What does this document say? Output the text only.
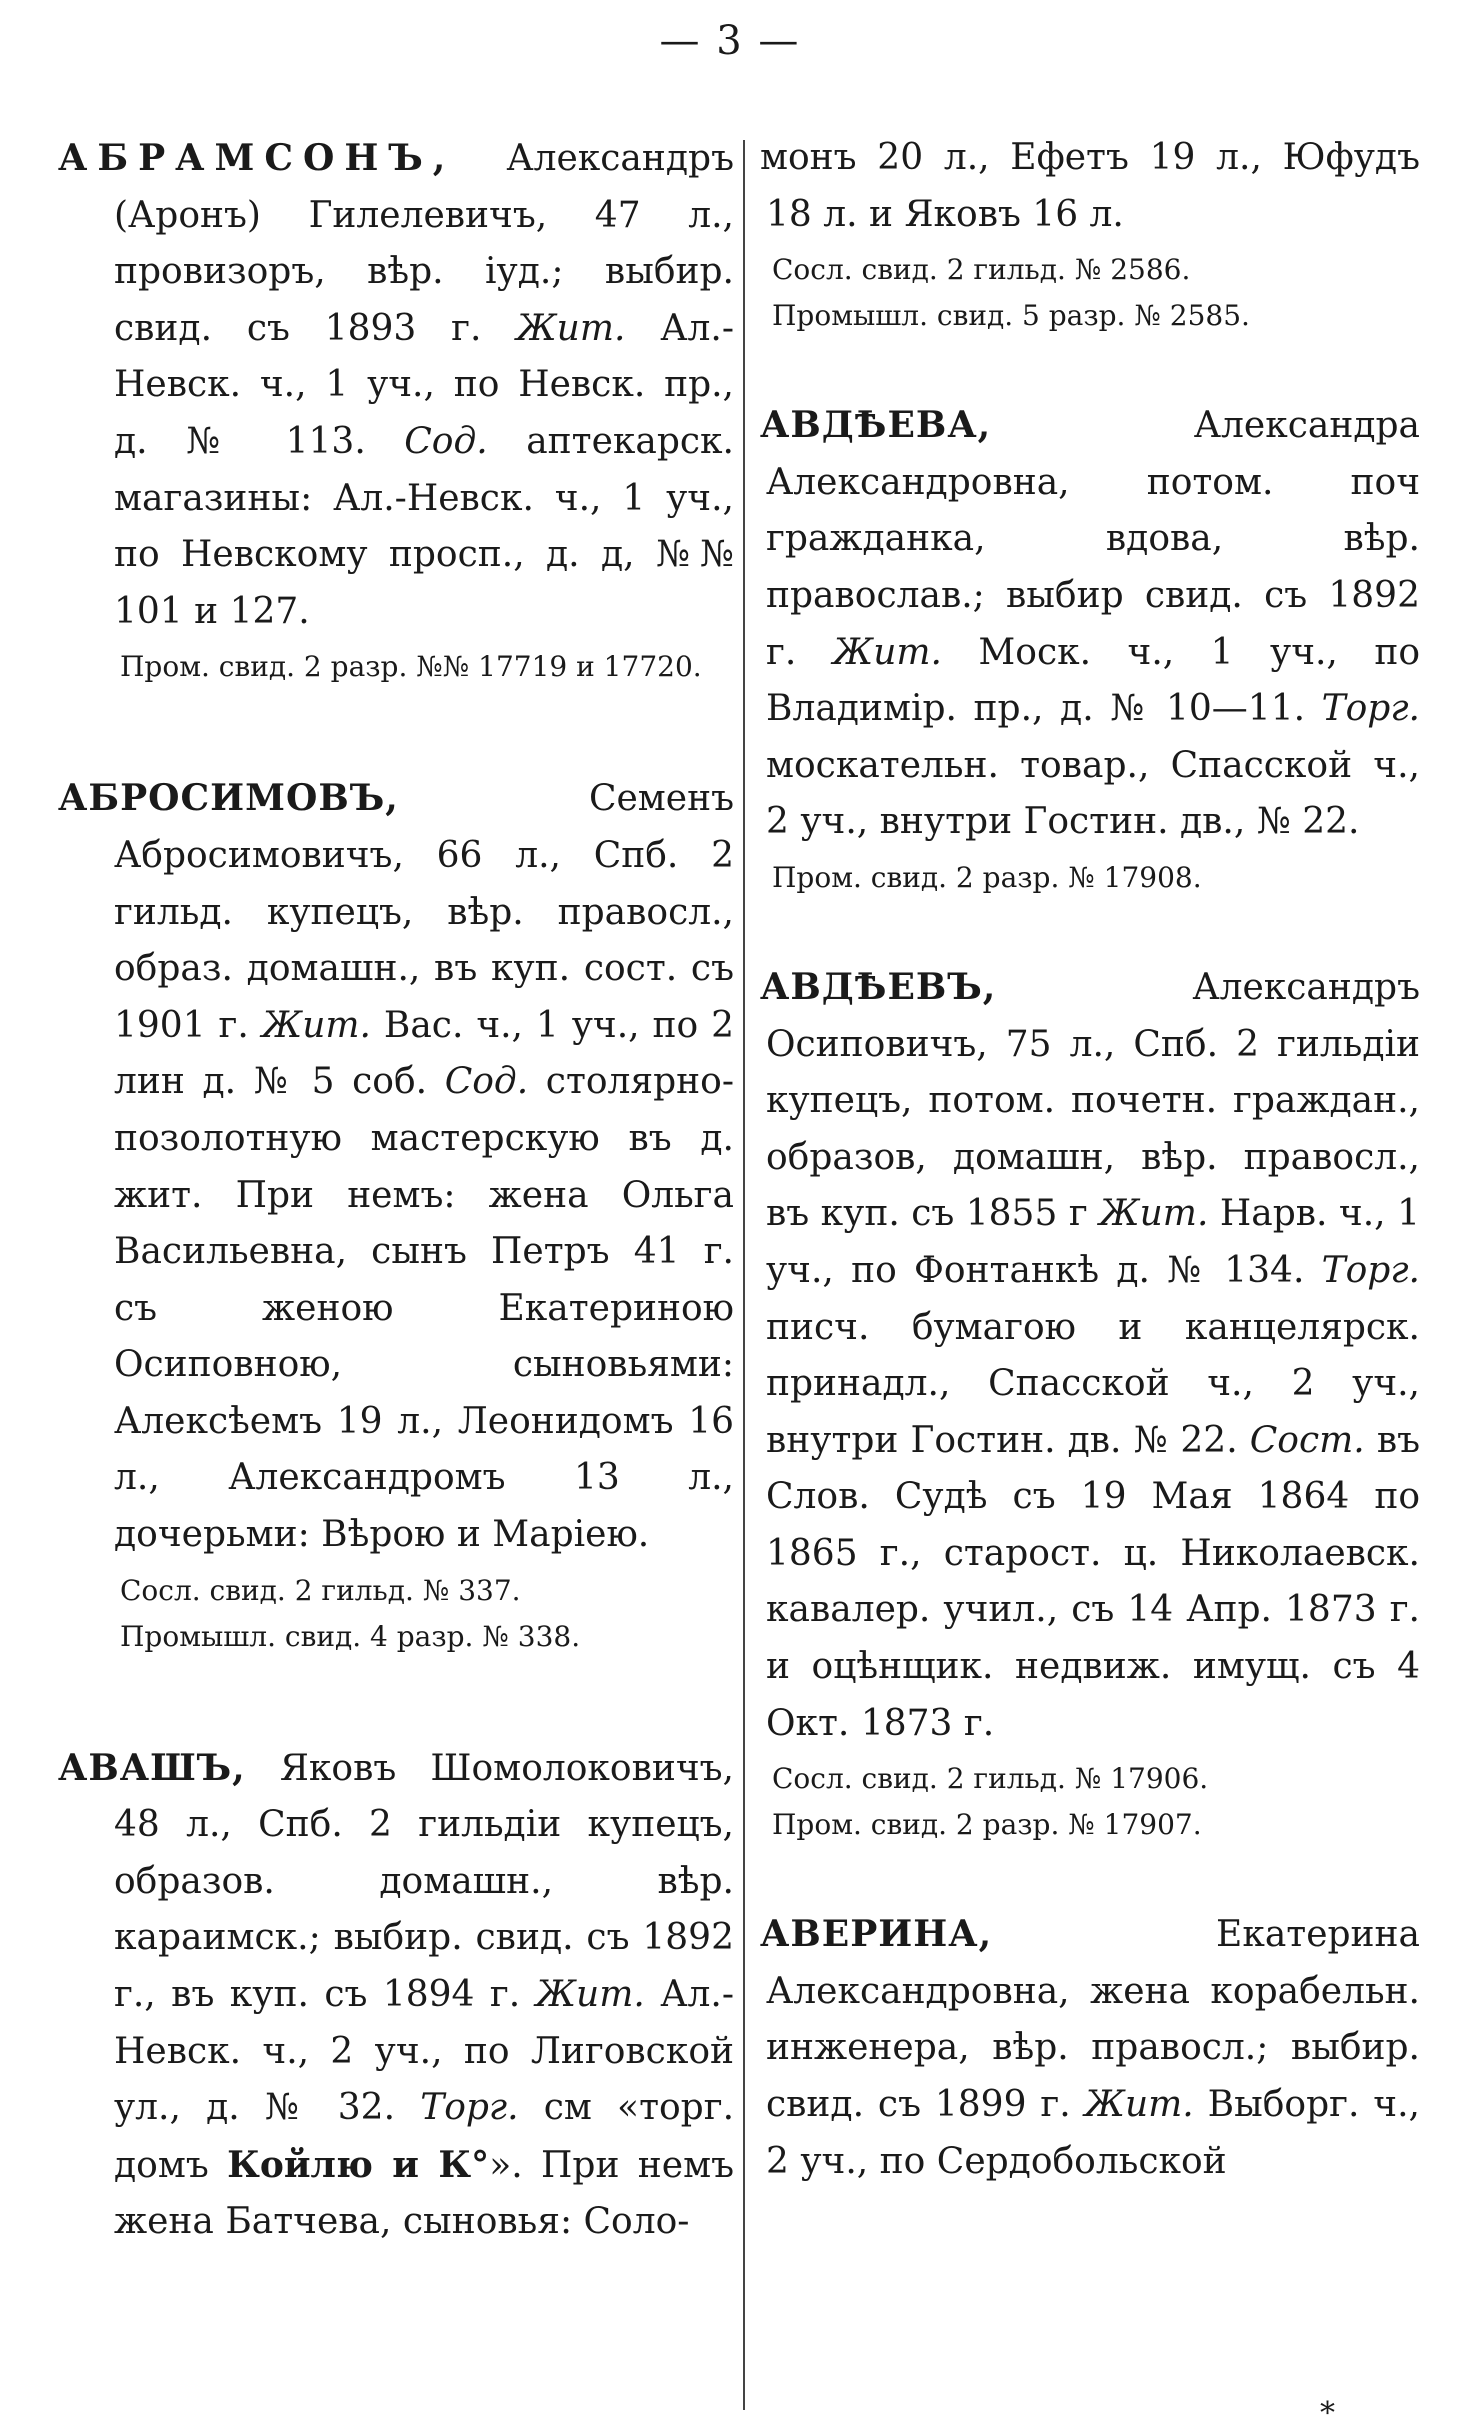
— 3 —

АБРАМСОНЪ, Александръ (Аронъ) Гилелевичъ, 47 л., провизоръ, вѣр. іуд.; выбир. свид. съ 1893 г. Жит. Ал.-Невск. ч., 1 уч., по Невск. пр., д. № 113. Сод. аптекарск. магазины: Ал.-Невск. ч., 1 уч., по Невскому просп., д. д, №№ 101 и 127.

Пром. свид. 2 разр. №№ 17719 и 17720.

АБРОСИМОВЪ, Семенъ Абросимовичъ, 66 л., Спб. 2 гильд. купецъ, вѣр. правосл., образ. домашн., въ куп. сост. съ 1901 г. Жит. Вас. ч., 1 уч., по 2 лин д. № 5 соб. Сод. столярно-позолотную мастерскую въ д. жит. При немъ: жена Ольга Васильевна, сынъ Петръ 41 г. съ женою Екатериною Осиповною, сыновьями: Алексѣемъ 19 л., Леонидомъ 16 л., Александромъ 13 л., дочерьми: Вѣрою и Маріею.

Сосл. свид. 2 гильд. № 337.
Промышл. свид. 4 разр. № 338.

АВАШЪ, Яковъ Шомолоковичъ, 48 л., Спб. 2 гильдіи купецъ, образов. домашн., вѣр. караимск.; выбир. свид. съ 1892 г., въ куп. съ 1894 г. Жит. Ал.-Невск. ч., 2 уч., по Лиговской ул., д. № 32. Торг. см «торг. домъ Койлю и К°». При немъ жена Батчева, сыновья: Соло-

монъ 20 л., Ефетъ 19 л., Юфудъ 18 л. и Яковъ 16 л.

Сосл. свид. 2 гильд. № 2586.
Промышл. свид. 5 разр. № 2585.

АВДѢЕВА, Александра Александровна, потом. поч гражданка, вдова, вѣр. православ.; выбир свид. съ 1892 г. Жит. Моск. ч., 1 уч., по Владимір. пр., д. № 10—11. Торг. москательн. товар., Спасской ч., 2 уч., внутри Гостин. дв., № 22.

Пром. свид. 2 разр. № 17908.

АВДѢЕВЪ, Александръ Осиповичъ, 75 л., Спб. 2 гильдіи купецъ, потом. почетн. граждан., образов, домашн, вѣр. правосл., въ куп. съ 1855 г Жит. Нарв. ч., 1 уч., по Фонтанкѣ д. № 134. Торг. писч. бумагою и канцелярск. принадл., Спасской ч., 2 уч., внутри Гостин. дв. № 22. Сост. въ Слов. Судѣ съ 19 Мая 1864 по 1865 г., старост. ц. Николаевск. кавалер. учил., съ 14 Апр. 1873 г. и оцѣнщик. недвиж. имущ. съ 4 Окт. 1873 г.

Сосл. свид. 2 гильд. № 17906.
Пром. свид. 2 разр. № 17907.

АВЕРИНА, Екатерина Александровна, жена корабельн. инженера, вѣр. правосл.; выбир. свид. съ 1899 г. Жит. Выборг. ч., 2 уч., по Сердобольской

*
